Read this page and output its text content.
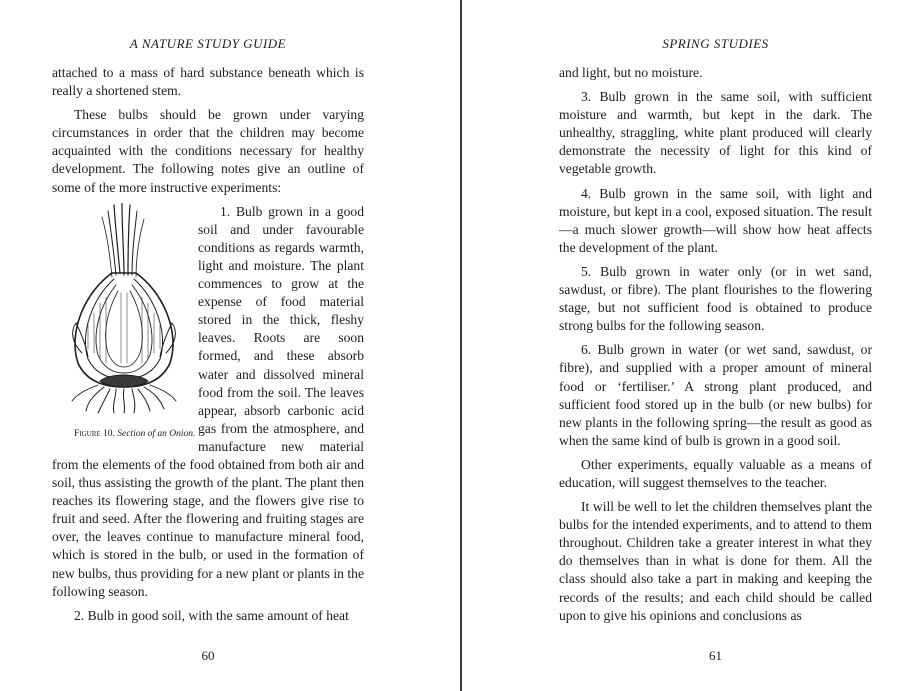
A NATURE STUDY GUIDE

attached to a mass of hard substance beneath which is really a shortened stem.

These bulbs should be grown under varying circumstances in order that the children may become acquainted with the conditions necessary for healthy development. The following notes give an outline of some of the more instructive experiments:

Figure 10. Section of an Onion.
1. Bulb grown in a good soil and under favourable conditions as regards warmth, light and moisture. The plant commences to grow at the expense of food material stored in the thick, fleshy leaves. Roots are soon formed, and these absorb water and dissolved mineral food from the soil. The leaves appear, absorb carbonic acid gas from the atmosphere, and manufacture new material from the elements of the food obtained from both air and soil, thus assisting the growth of the plant. The plant then reaches its flowering stage, and the flowers give rise to fruit and seed. After the flowering and fruiting stages are over, the leaves continue to manufacture mineral food, which is stored in the bulb, or used in the formation of new bulbs, thus providing for a new plant or plants in the following season.

2. Bulb in good soil, with the same amount of heat

60
SPRING STUDIES

and light, but no moisture.

3. Bulb grown in the same soil, with sufficient moisture and warmth, but kept in the dark. The unhealthy, straggling, white plant produced will clearly demonstrate the necessity of light for this kind of vegetable growth.

4. Bulb grown in the same soil, with light and moisture, but kept in a cool, exposed situation. The result—a much slower growth—will show how heat affects the development of the plant.

5. Bulb grown in water only (or in wet sand, sawdust, or fibre). The plant flourishes to the flowering stage, but not sufficient food is obtained to produce strong bulbs for the following season.

6. Bulb grown in water (or wet sand, sawdust, or fibre), and supplied with a proper amount of mineral food or ‘fertiliser.’ A strong plant produced, and sufficient food stored up in the bulb (or new bulbs) for new plants in the following spring—the result as good as when the same kind of bulb is grown in a good soil.

Other experiments, equally valuable as a means of education, will suggest themselves to the teacher.

It will be well to let the children themselves plant the bulbs for the intended experiments, and to attend to them throughout. Children take a greater interest in what they do themselves than in what is done for them. All the class should also take a part in making and keeping the records of the results; and each child should be called upon to give his opinions and conclusions as

61
